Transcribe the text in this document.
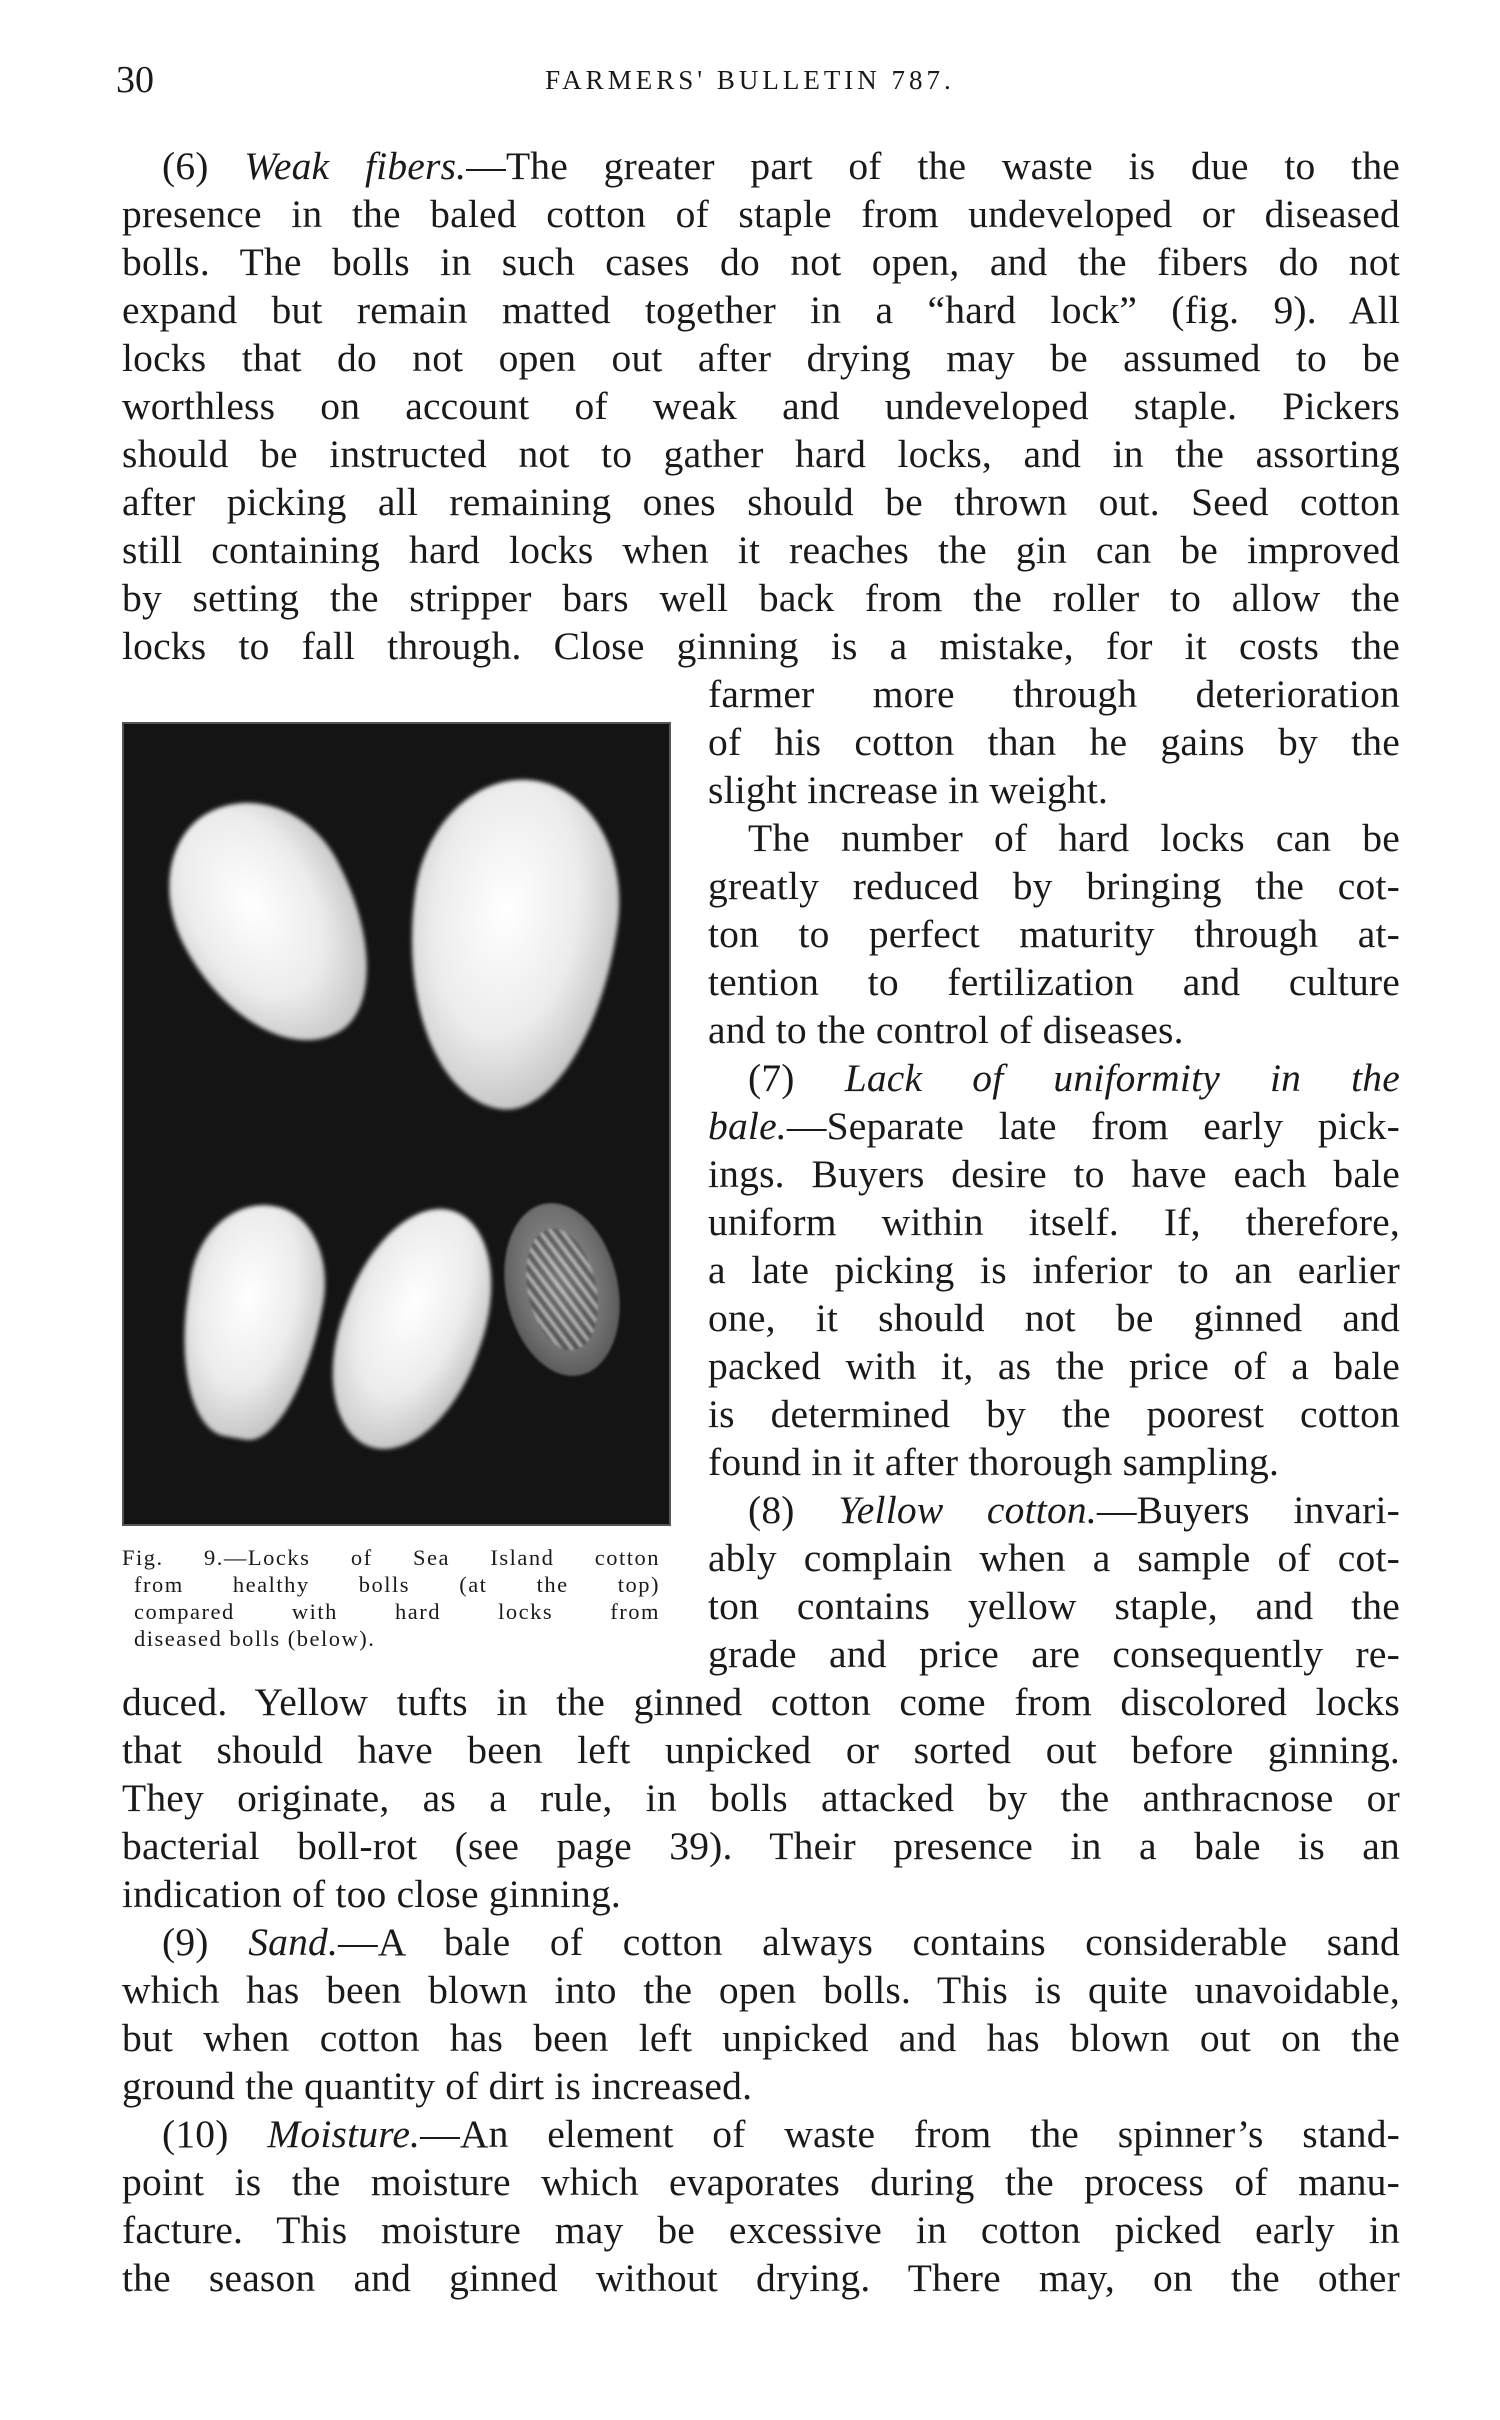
30	FARMERS' BULLETIN 787.
(6) Weak fibers.—The greater part of the waste is due to the
presence in the baled cotton of staple from undeveloped or diseased
bolls. The bolls in such cases do not open, and the fibers do not
expand but remain matted together in a “hard lock” (fig. 9). All
locks that do not open out after drying may be assumed to be
worthless on account of weak and undeveloped staple. Pickers
should be instructed not to gather hard locks, and in the assorting
after picking all remaining ones should be thrown out. Seed cotton
still containing hard locks when it reaches the gin can be improved
by setting the stripper bars well back from the roller to allow the
locks to fall through. Close ginning is a mistake, for it costs the
farmer more through deterioration
of his cotton than he gains by the
slight increase in weight.
The number of hard locks can be
greatly reduced by bringing the cot-
ton to perfect maturity through at-
tention to fertilization and culture
and to the control of diseases.
(7) Lack of uniformity in the
bale.—Separate late from early pick-
ings. Buyers desire to have each bale
uniform within itself. If, therefore,
a late picking is inferior to an earlier
one, it should not be ginned and
packed with it, as the price of a bale
is determined by the poorest cotton
found in it after thorough sampling.
(8) Yellow cotton.—Buyers invari-
ably complain when a sample of cot-
ton contains yellow staple, and the
grade and price are consequently re-
duced. Yellow tufts in the ginned cotton come from discolored locks
that should have been left unpicked or sorted out before ginning.
They originate, as a rule, in bolls attacked by the anthracnose or
bacterial boll-rot (see page 39). Their presence in a bale is an
indication of too close ginning.
(9) Sand.—A bale of cotton always contains considerable sand
which has been blown into the open bolls. This is quite unavoidable,
but when cotton has been left unpicked and has blown out on the
ground the quantity of dirt is increased.
(10) Moisture.—An element of waste from the spinner’s stand-
point is the moisture which evaporates during the process of manu-
facture. This moisture may be excessive in cotton picked early in
the season and ginned without drying. There may, on the other
Fig. 9.—Locks of Sea Island cotton
from healthy bolls (at the top)
compared with hard locks from
diseased bolls (below).
